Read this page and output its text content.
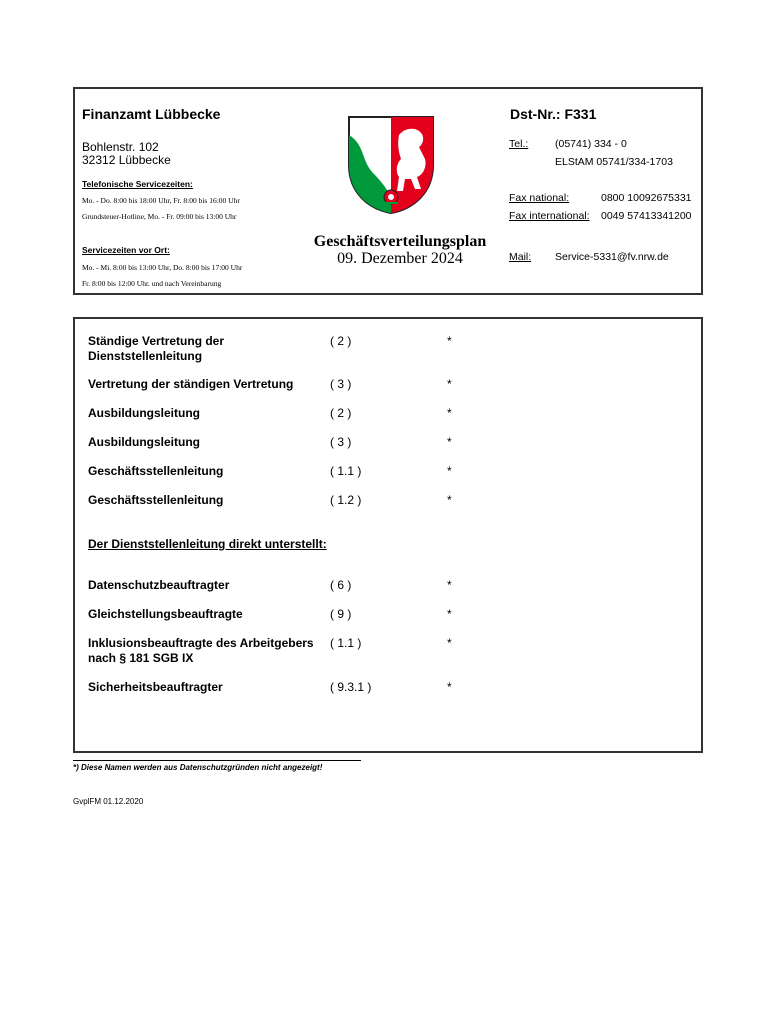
Finanzamt Lübbecke	Dst-Nr.: F331
Bohlenstr. 102
32312 Lübbecke
Telefonische Servicezeiten:
Mo. - Do. 8:00 bis 18:00 Uhr, Fr. 8:00 bis 16:00 Uhr
Grundsteuer-Hotline, Mo. - Fr. 09:00 bis 13:00 Uhr
Servicezeiten vor Ort:
Mo. - Mi. 8:00 bis 13:00 Uhr, Do. 8:00 bis 17:00 Uhr
Fr. 8:00 bis 12:00 Uhr. und nach Vereinbarung
Geschäftsverteilungsplan
09. Dezember 2024
Tel.:	(05741) 334 - 0
ELStAM 05741/334-1703
Fax national:	0800 10092675331
Fax international: 0049 57413341200
Mail: Service-5331@fv.nrw.de
Ständige Vertretung der Dienststellenleitung
( 2 )	*
Vertretung der ständigen Vertretung	( 3 )	*
Ausbildungsleitung	( 2 )	*
Ausbildungsleitung	( 3 )	*
Geschäftsstellenleitung	( 1.1 )	*
Geschäftsstellenleitung	( 1.2 )	*
Der Dienststellenleitung direkt unterstellt:
Datenschutzbeauftragter	( 6 )	*
Gleichstellungsbeauftragte	( 9 )	*
Inklusionsbeauftragte des Arbeitgebers nach § 181 SGB IX
( 1.1 )	*
Sicherheitsbeauftragter	( 9.3.1 )	*
*) Diese Namen werden aus Datenschutzgründen nicht angezeigt!
GvplFM 01.12.2020
